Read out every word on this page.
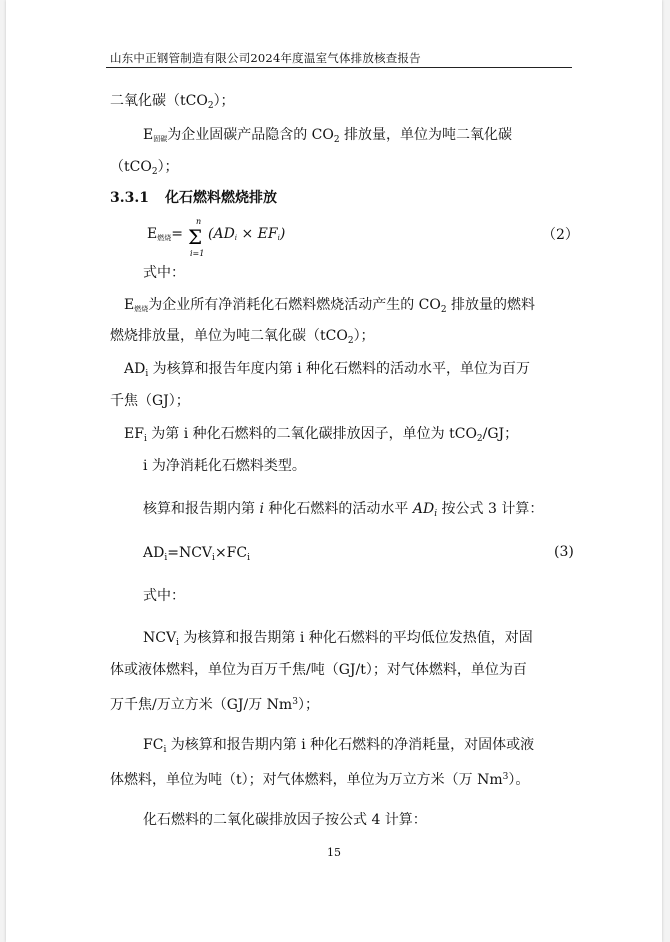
山东中正钢管制造有限公司2024年度温室气体排放核查报告
二氧化碳（tCO$_2$）；
$E_{固碳}$为企业固碳产品隐含的 $CO_2$ 排放量，单位为吨二氧化碳
（tCO$_2$）；
3.3.1 化石燃料燃烧排放
$E_{燃烧}=$
n
Σ
i=1
$(AD_i \times EF_i)$	（2）
式中：
$E_{燃烧}$为企业所有净消耗化石燃料燃烧活动产生的 $CO_2$ 排放量的燃料
燃烧排放量，单位为吨二氧化碳（tCO$_2$）；
$AD_i$ 为核算和报告年度内第 i 种化石燃料的活动水平，单位为百万
千焦（GJ）；
$EF_i$ 为第 i 种化石燃料的二氧化碳排放因子，单位为 tCO$_2$/GJ；
i 为净消耗化石燃料类型。
核算和报告期内第 i 种化石燃料的活动水平 $AD_i$ 按公式 3 计算：
$AD_i=NCV_i\times FC_i$	(3)
式中：
$NCV_i$ 为核算和报告期第 i 种化石燃料的平均低位发热值，对固
体或液体燃料，单位为百万千焦/吨（GJ/t）；对气体燃料，单位为百
万千焦/万立方米（GJ/万 Nm$^3$）；
$FC_i$ 为核算和报告期内第 i 种化石燃料的净消耗量，对固体或液
体燃料，单位为吨（t）；对气体燃料，单位为万立方米（万 Nm$^3$）。
化石燃料的二氧化碳排放因子按公式 4 计算：
15
